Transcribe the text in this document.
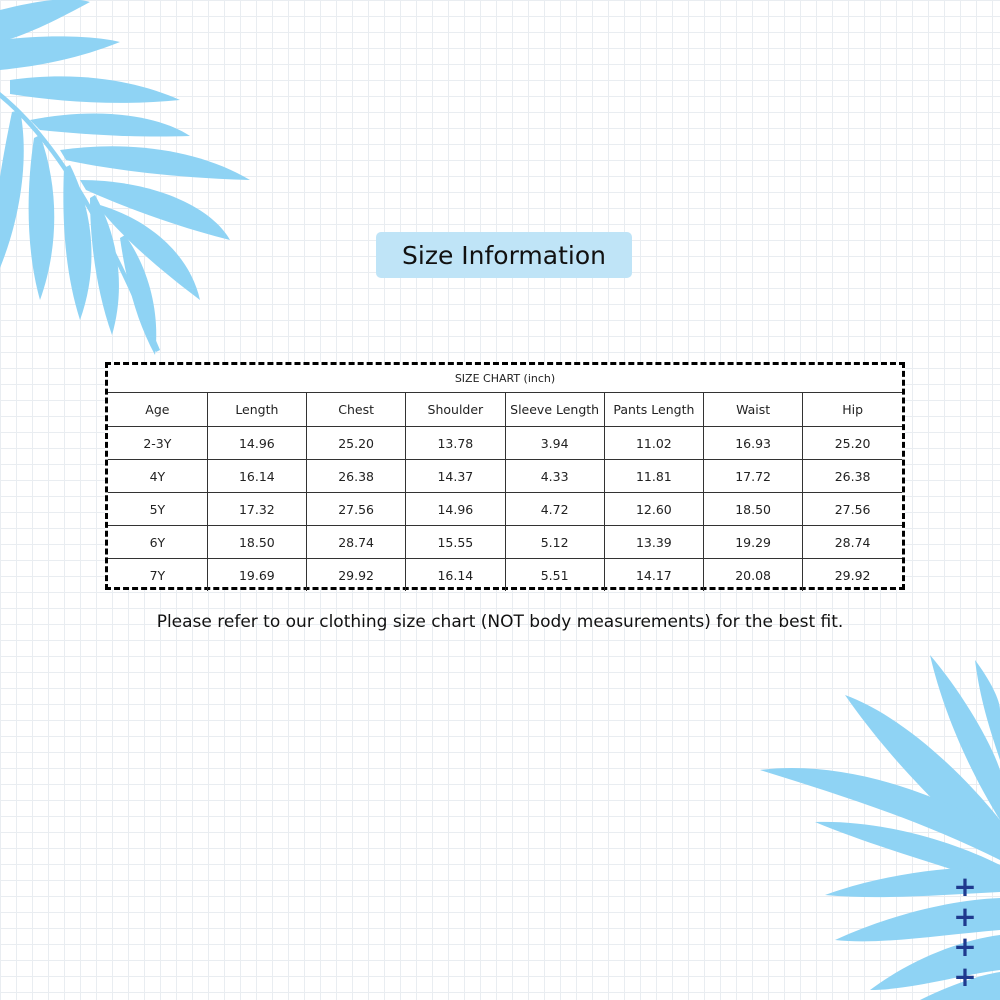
Size Information
SIZE CHART (inch)							
Age	Length	Chest	Shoulder	Sleeve Length	Pants Length	Waist	Hip
2-3Y	14.96	25.20	13.78	3.94	11.02	16.93	25.20
4Y	16.14	26.38	14.37	4.33	11.81	17.72	26.38
5Y	17.32	27.56	14.96	4.72	12.60	18.50	27.56
6Y	18.50	28.74	15.55	5.12	13.39	19.29	28.74
7Y	19.69	29.92	16.14	5.51	14.17	20.08	29.92
Please refer to our clothing size chart (NOT body measurements) for the best fit.
+
+
+
+
